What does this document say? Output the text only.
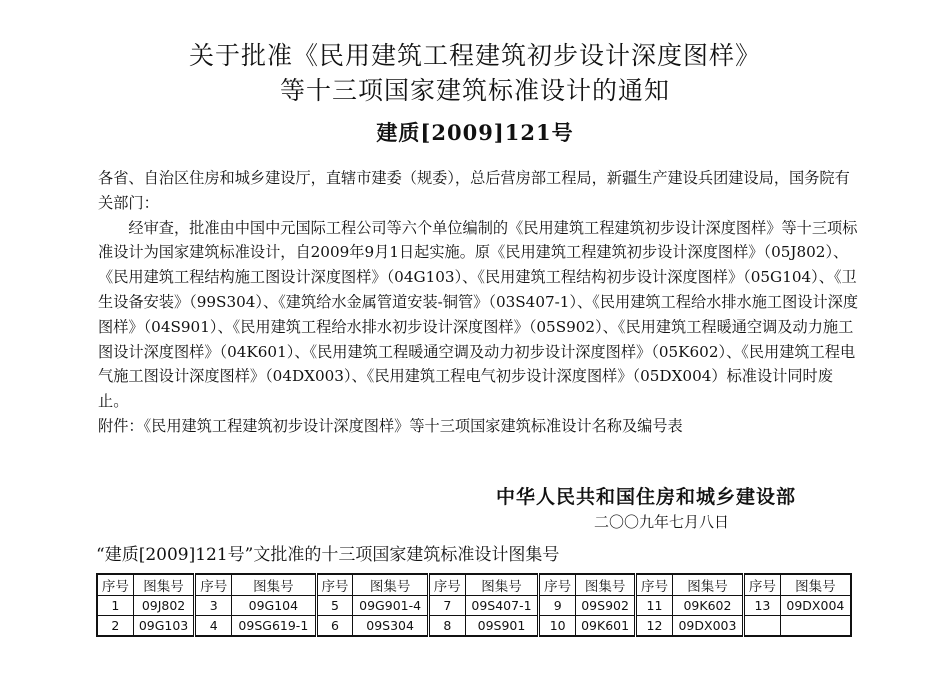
关于批准《民用建筑工程建筑初步设计深度图样》
等十三项国家建筑标准设计的通知
建质[2009]121号

各省、自治区住房和城乡建设厅，直辖市建委（规委），总后营房部工程局，新疆生产建设兵团建设局，国务院有关部门：

经审查，批准由中国中元国际工程公司等六个单位编制的《民用建筑工程建筑初步设计深度图样》等十三项标准设计为国家建筑标准设计，自2009年9月1日起实施。原《民用建筑工程建筑初步设计深度图样》（05J802）、《民用建筑工程结构施工图设计深度图样》（04G103）、《民用建筑工程结构初步设计深度图样》（05G104）、《卫生设备安装》（99S304）、《建筑给水金属管道安装-铜管》（03S407-1）、《民用建筑工程给水排水施工图设计深度图样》（04S901）、《民用建筑工程给水排水初步设计深度图样》（05S902）、《民用建筑工程暖通空调及动力施工图设计深度图样》（04K601）、《民用建筑工程暖通空调及动力初步设计深度图样》（05K602）、《民用建筑工程电气施工图设计深度图样》（04DX003）、《民用建筑工程电气初步设计深度图样》（05DX004）标准设计同时废止。

附件：《民用建筑工程建筑初步设计深度图样》等十三项国家建筑标准设计名称及编号表

中华人民共和国住房和城乡建设部
二〇〇九年七月八日
“建质[2009]121号”文批准的十三项国家建筑标准设计图集号
序号	图集号	序号	图集号	序号	图集号	序号	图集号	序号	图集号	序号	图集号	序号	图集号
1	09J802	3	09G104	5	09G901-4	7	09S407-1	9	09S902	11	09K602	13	09DX004
2	09G103	4	09SG619-1	6	09S304	8	09S901	10	09K601	12	09DX003		
